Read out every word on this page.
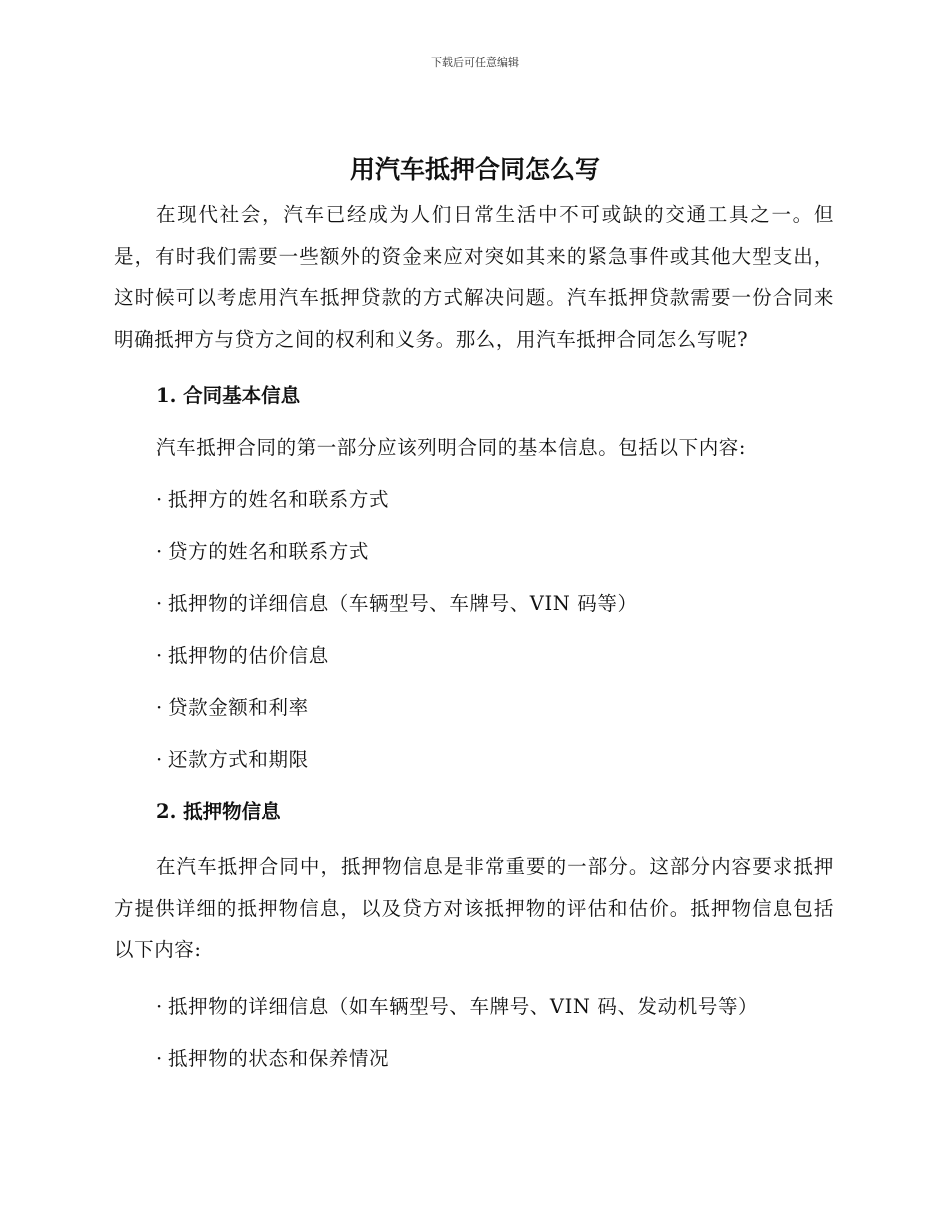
下载后可任意编辑
用汽车抵押合同怎么写

在现代社会，汽车已经成为人们日常生活中不可或缺的交通工具之一。但是，有时我们需要一些额外的资金来应对突如其来的紧急事件或其他大型支出，这时候可以考虑用汽车抵押贷款的方式解决问题。汽车抵押贷款需要一份合同来明确抵押方与贷方之间的权利和义务。那么，用汽车抵押合同怎么写呢?

1. 合同基本信息

汽车抵押合同的第一部分应该列明合同的基本信息。包括以下内容:

· 抵押方的姓名和联系方式

· 贷方的姓名和联系方式

· 抵押物的详细信息（车辆型号、车牌号、VIN 码等）

· 抵押物的估价信息

· 贷款金额和利率

· 还款方式和期限

2. 抵押物信息

在汽车抵押合同中，抵押物信息是非常重要的一部分。这部分内容要求抵押方提供详细的抵押物信息，以及贷方对该抵押物的评估和估价。抵押物信息包括以下内容:

· 抵押物的详细信息（如车辆型号、车牌号、VIN 码、发动机号等）

· 抵押物的状态和保养情况
